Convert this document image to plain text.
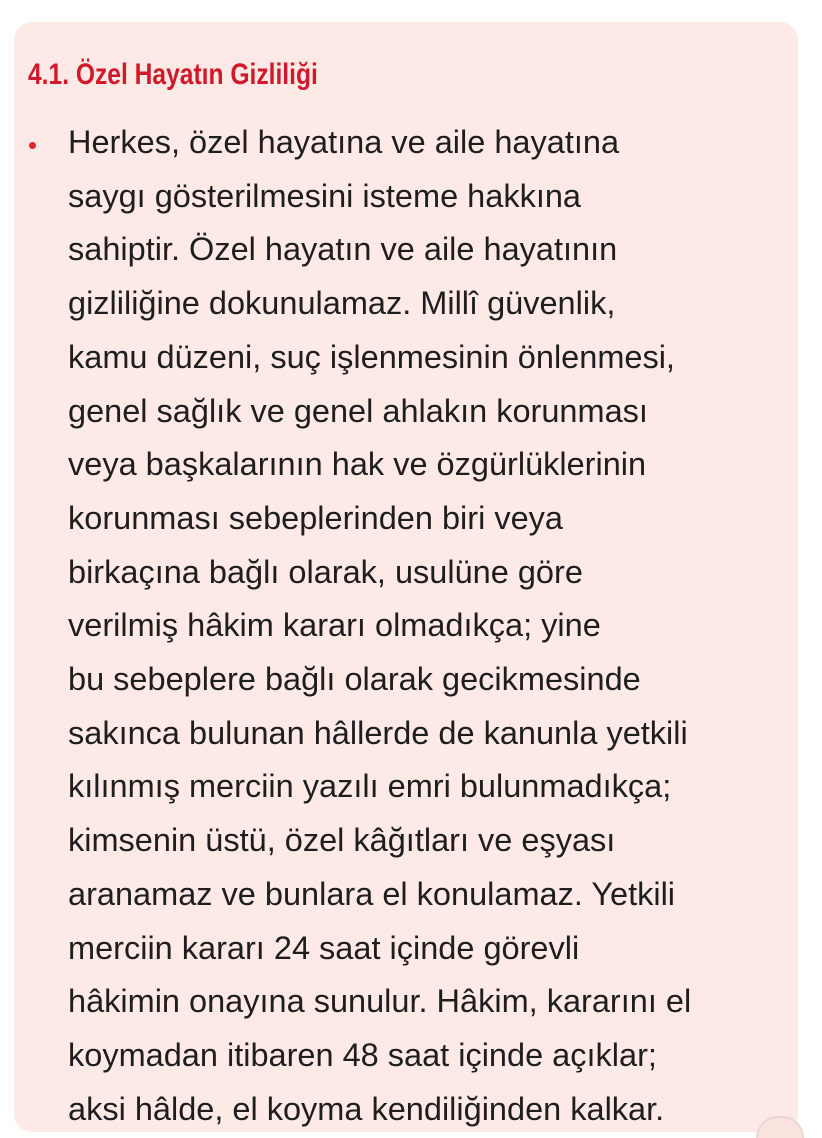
4.1. Özel Hayatın Gizliliği

Herkes, özel hayatına ve aile hayatına
saygı gösterilmesini isteme hakkına
sahiptir. Özel hayatın ve aile hayatının
gizliliğine dokunulamaz. Millî güvenlik,
kamu düzeni, suç işlenmesinin önlenmesi,
genel sağlık ve genel ahlakın korunması
veya başkalarının hak ve özgürlüklerinin
korunması sebeplerinden biri veya
birkaçına bağlı olarak, usulüne göre
verilmiş hâkim kararı olmadıkça; yine
bu sebeplere bağlı olarak gecikmesinde
sakınca bulunan hâllerde de kanunla yetkili
kılınmış merciin yazılı emri bulunmadıkça;
kimsenin üstü, özel kâğıtları ve eşyası
aranamaz ve bunlara el konulamaz. Yetkili
merciin kararı 24 saat içinde görevli
hâkimin onayına sunulur. Hâkim, kararını el
koymadan itibaren 48 saat içinde açıklar;
aksi hâlde, el koyma kendiliğinden kalkar.
